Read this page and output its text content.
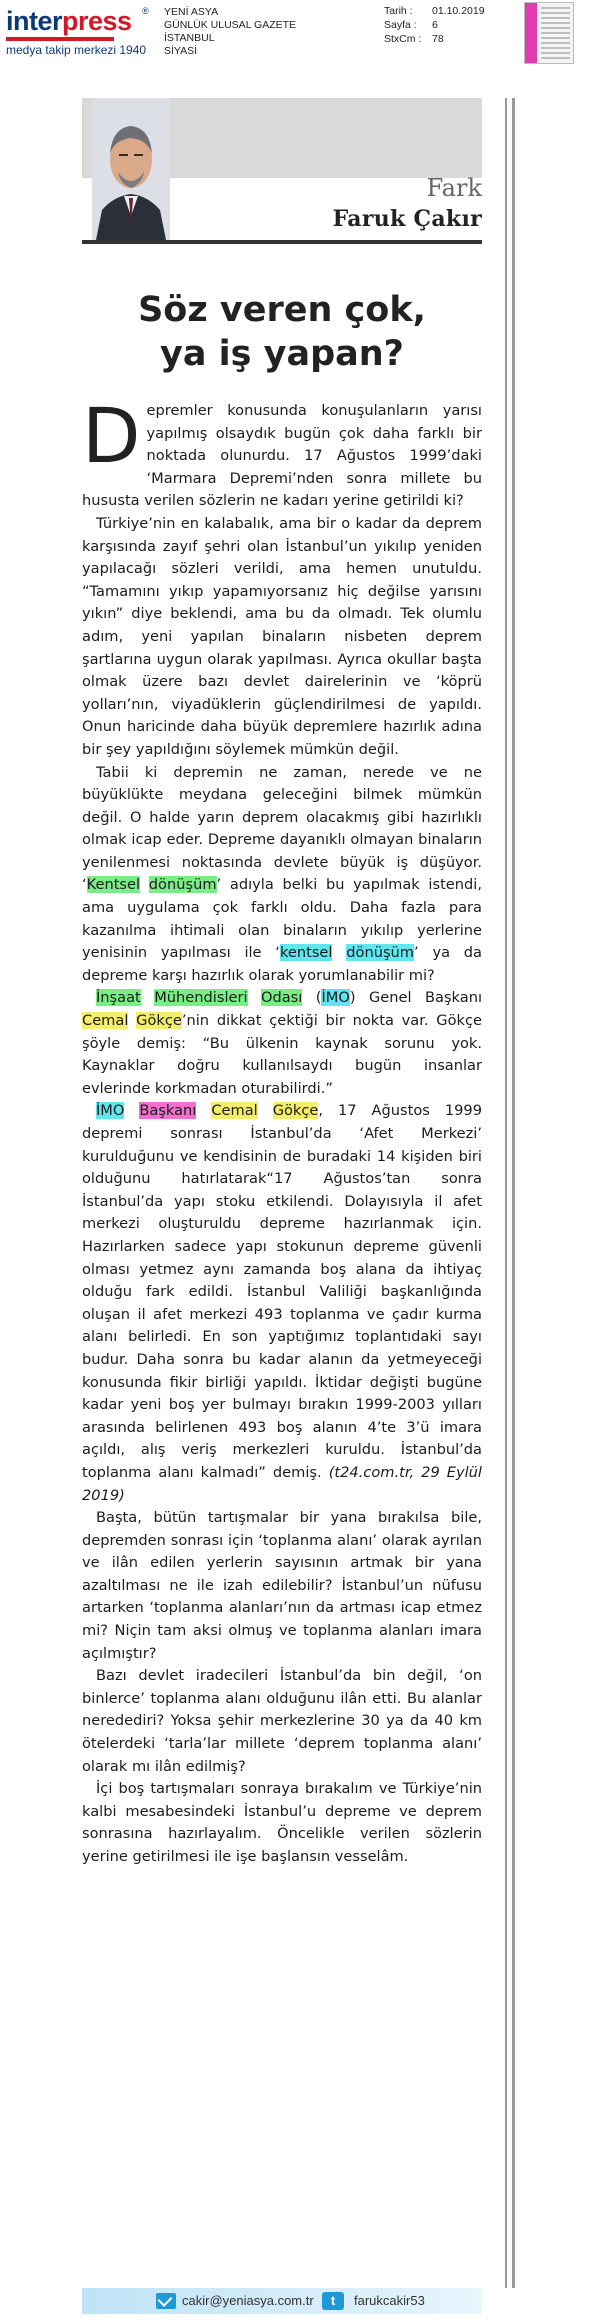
interpress ®
medya takip merkezi 1940
YENİ ASYA
GÜNLÜK ULUSAL GAZETE
İSTANBUL
SİYASİ
Tarih :	01.10.2019
Sayfa :	6
StxCm :	78
Fark
Faruk Çakır
Söz veren çok,
ya iş yapan?

Depremler konusunda konuşulanların yarısı yapılmış olsaydık bugün çok daha farklı bir noktada olunurdu. 17 Ağustos 1999’daki ‘Marmara Depremi’nden sonra millete bu hususta verilen sözlerin ne kadarı yerine getirildi ki?

Türkiye’nin en kalabalık, ama bir o kadar da deprem karşısında zayıf şehri olan İstanbul’un yıkılıp yeniden yapılacağı sözleri verildi, ama hemen unutuldu. “Tamamını yıkıp yapamıyorsanız hiç değilse yarısını yıkın” diye beklendi, ama bu da olmadı. Tek olumlu adım, yeni yapılan binaların nisbeten deprem şartlarına uygun olarak yapılması. Ayrıca okullar başta olmak üzere bazı devlet dairelerinin ve ‘köprü yolları’nın, viyadüklerin güçlendirilmesi de yapıldı. Onun haricinde daha büyük depremlere hazırlık adına bir şey yapıldığını söylemek mümkün değil.

Tabii ki depremin ne zaman, nerede ve ne büyüklükte meydana geleceğini bilmek mümkün değil. O halde yarın deprem olacakmış gibi hazırlıklı olmak icap eder. Depreme dayanıklı olmayan binaların yenilenmesi noktasında devlete büyük iş düşüyor. ‘Kentsel dönüşüm’ adıyla belki bu yapılmak istendi, ama uygulama çok farklı oldu. Daha fazla para kazanılma ihtimali olan binaların yıkılıp yerlerine yenisinin yapılması ile ‘kentsel dönüşüm’ ya da depreme karşı hazırlık olarak yorumlanabilir mi?

İnşaat Mühendisleri Odası (İMO) Genel Başkanı Cemal Gökçe’nin dikkat çektiği bir nokta var. Gökçe şöyle demiş: “Bu ülkenin kaynak sorunu yok. Kaynaklar doğru kullanılsaydı bugün insanlar evlerinde korkmadan oturabilirdi.”

İMO Başkanı Cemal Gökçe, 17 Ağustos 1999 depremi sonrası İstanbul’da ‘Afet Merkezi’ kurulduğunu ve kendisinin de buradaki 14 kişiden biri olduğunu hatırlatarak“17 Ağustos’tan sonra İstanbul’da yapı stoku etkilendi. Dolayısıyla il afet merkezi oluşturuldu depreme hazırlanmak için. Hazırlarken sadece yapı stokunun depreme güvenli olması yetmez aynı zamanda boş alana da ihtiyaç olduğu fark edildi. İstanbul Valiliği başkanlığında oluşan il afet merkezi 493 toplanma ve çadır kurma alanı belirledi. En son yaptığımız toplantıdaki sayı budur. Daha sonra bu kadar alanın da yetmeyeceği konusunda fikir birliği yapıldı. İktidar değişti bugüne kadar yeni boş yer bulmayı bırakın 1999-2003 yılları arasında belirlenen 493 boş alanın 4’te 3’ü imara açıldı, alış veriş merkezleri kuruldu. İstanbul’da toplanma alanı kalmadı” demiş. (t24.com.tr, 29 Eylül 2019)

Başta, bütün tartışmalar bir yana bırakılsa bile, depremden sonrası için ‘toplanma alanı’ olarak ayrılan ve ilân edilen yerlerin sayısının artmak bir yana azaltılması ne ile izah edilebilir? İstanbul’un nüfusu artarken ‘toplanma alanları’nın da artması icap etmez mi? Niçin tam aksi olmuş ve toplanma alanları imara açılmıştır?

Bazı devlet iradecileri İstanbul’da bin değil, ‘on binlerce’ toplanma alanı olduğunu ilân etti. Bu alanlar neredediri? Yoksa şehir merkezlerine 30 ya da 40 km ötelerdeki ‘tarla’lar millete ‘deprem toplanma alanı’ olarak mı ilân edilmiş?

İçi boş tartışmaları sonraya bırakalım ve Türkiye’nin kalbi mesabesindeki İstanbul’u depreme ve deprem sonrasına hazırlayalım. Öncelikle verilen sözlerin yerine getirilmesi ile işe başlansın vesselâm.

cakir@yeniasya.com.tr	t	farukcakir53
